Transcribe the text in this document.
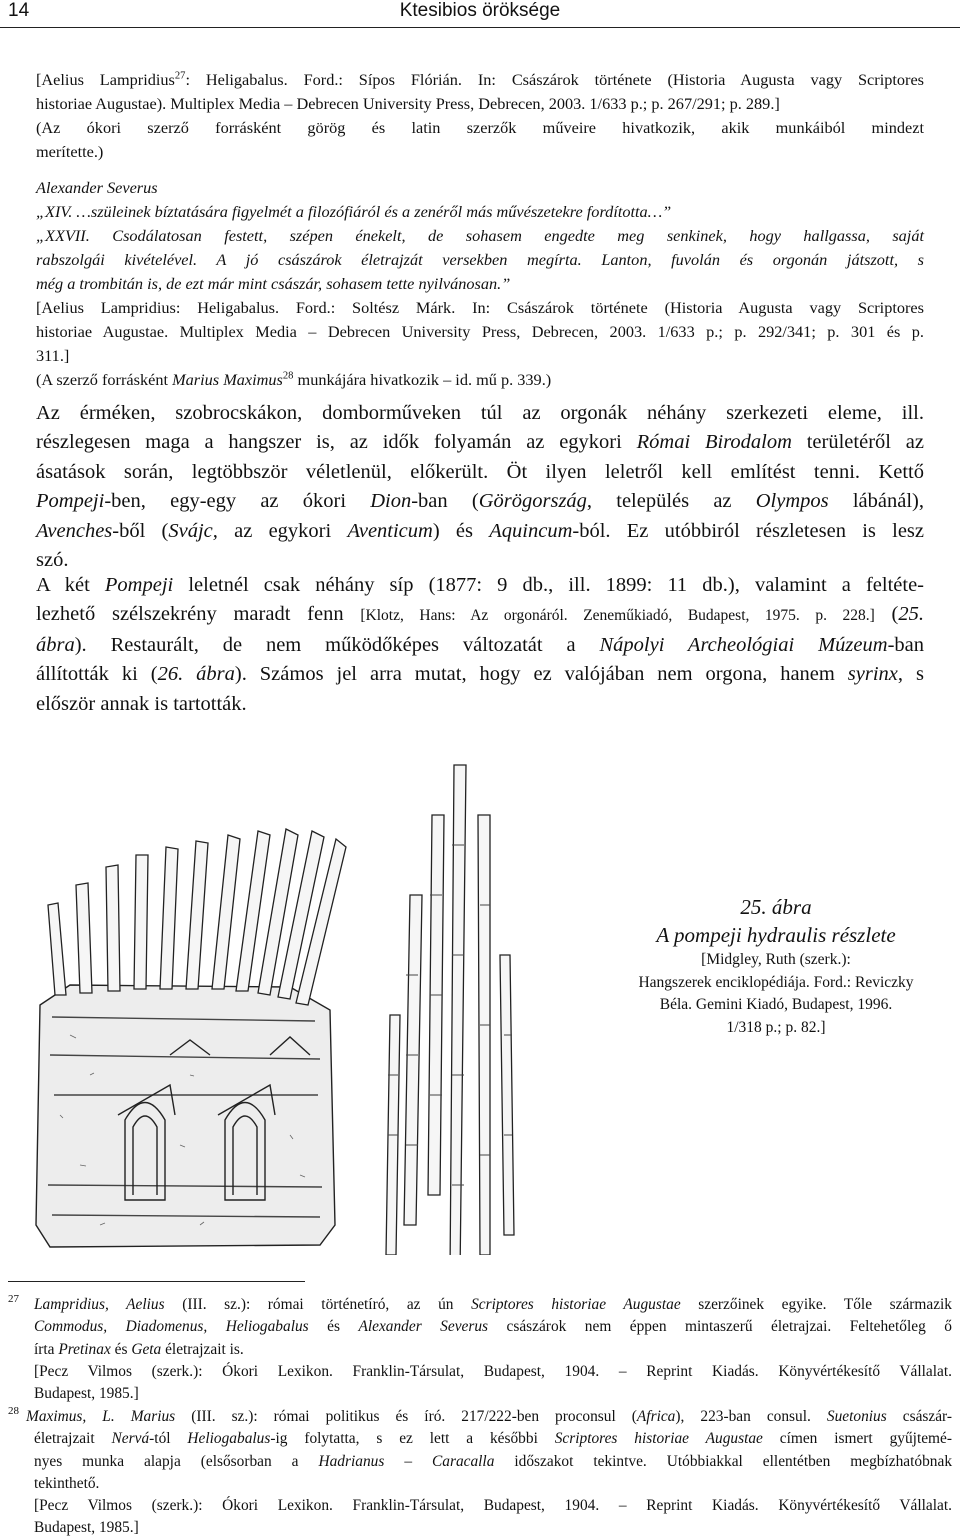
14	Ktesibios öröksége
[Aelius Lampridius$^{27}$: Heligabalus. Ford.: Sípos Flórián. In: Császárok története (Historia Augusta vagy Scriptores
historiae Augustae). Multiplex Media – Debrecen University Press, Debrecen, 2003. 1/633 p.; p. 267/291; p. 289.]
(Az ókori szerző forrásként görög és latin szerzők műveire hivatkozik, akik munkáiból mindezt
merítette.)
Alexander Severus
„XIV. …szüleinek bíztatására figyelmét a filozófiáról és a zenéről más művészetekre fordította…”
„XXVII. Csodálatosan festett, szépen énekelt, de sohasem engedte meg senkinek, hogy hallgassa, saját
rabszolgái kivételével. A jó császárok életrajzát versekben megírta. Lanton, fuvolán és orgonán játszott, s
még a trombitán is, de ezt már mint császár, sohasem tette nyilvánosan.”
[Aelius Lampridius: Heligabalus. Ford.: Soltész Márk. In: Császárok története (Historia Augusta vagy Scriptores
historiae Augustae. Multiplex Media – Debrecen University Press, Debrecen, 2003. 1/633 p.; p. 292/341; p. 301 és p.
311.]
(A szerző forrásként Marius Maximus$^{28}$ munkájára hivatkozik – id. mű p. 339.)
Az érméken, szobrocskákon, domborműveken túl az orgonák néhány szerkezeti eleme, ill.
részlegesen maga a hangszer is, az idők folyamán az egykori Római Birodalom területéről az
ásatások során, legtöbbször véletlenül, előkerült. Öt ilyen leletről kell említést tenni. Kettő
Pompeji-ben, egy-egy az ókori Dion-ban (Görögország, település az Olympos lábánál),
Avenches-ből (Svájc, az egykori Aventicum) és Aquincum-ból. Ez utóbbiról részletesen is lesz
szó.
A két Pompeji leletnél csak néhány síp (1877: 9 db., ill. 1899: 11 db.), valamint a feltéte-
lezhető szélszekrény maradt fenn [Klotz, Hans: Az orgonáról. Zeneműkiadó, Budapest, 1975. p. 228.] (25.
ábra). Restaurált, de nem működőképes változatát a Nápolyi Archeológiai Múzeum-ban
állították ki (26. ábra). Számos jel arra mutat, hogy ez valójában nem orgona, hanem syrinx, s
először annak is tartották.
25. ábra
A pompeji hydraulis részlete
[Midgley, Ruth (szerk.):
Hangszerek enciklopédiája. Ford.: Reviczky
Béla. Gemini Kiadó, Budapest, 1996.
1/318 p.; p. 82.]
27 Lampridius, Aelius (III. sz.): római történetíró, az ún Scriptores historiae Augustae szerzőinek egyike. Tőle származik
Commodus, Diadomenus, Heliogabalus és Alexander Severus császárok nem éppen mintaszerű életrajzai. Feltehetőleg ő
írta Pretinax és Geta életrajzait is.
[Pecz Vilmos (szerk.): Ókori Lexikon. Franklin-Társulat, Budapest, 1904. – Reprint Kiadás. Könyvértékesítő Vállalat.
Budapest, 1985.]
28 Maximus, L. Marius (III. sz.): római politikus és író. 217/222-ben proconsul (Africa), 223-ban consul. Suetonius császár-
életrajzait Nervá-tól Heliogabalus-ig folytatta, s ez lett a későbbi Scriptores historiae Augustae címen ismert gyűjtemé-
nyes munka alapja (elsősorban a Hadrianus – Caracalla időszakot tekintve. Utóbbiakkal ellentétben megbízhatóbnak
tekinthető.
[Pecz Vilmos (szerk.): Ókori Lexikon. Franklin-Társulat, Budapest, 1904. – Reprint Kiadás. Könyvértékesítő Vállalat.
Budapest, 1985.]
